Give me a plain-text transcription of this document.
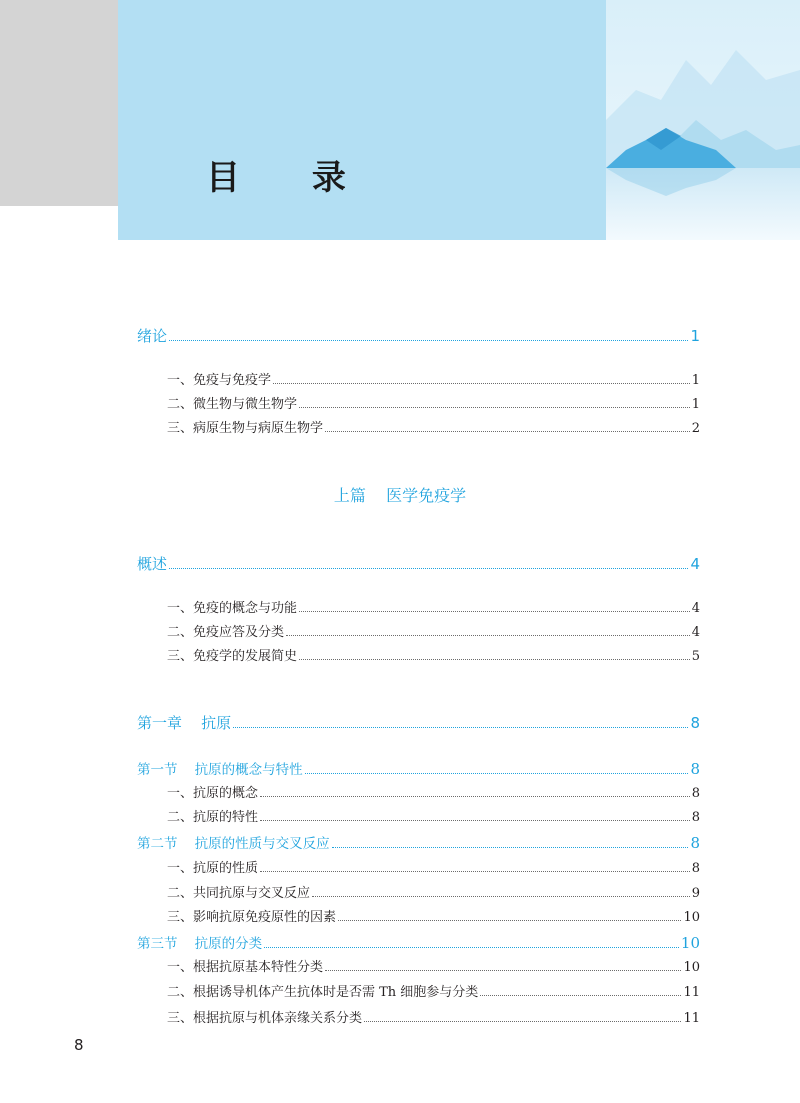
目 录
绪论	1
一、免疫与免疫学	1
二、微生物与微生物学	1
三、病原生物与病原生物学	2
上篇    医学免疫学
概述	4
一、免疫的概念与功能	4
二、免疫应答及分类	4
三、免疫学的发展简史	5
第一章    抗原	8
第一节    抗原的概念与特性	8
一、抗原的概念	8
二、抗原的特性	8
第二节    抗原的性质与交叉反应	8
一、抗原的性质	8
二、共同抗原与交叉反应	9
三、影响抗原免疫原性的因素	10
第三节    抗原的分类	10
一、根据抗原基本特性分类	10
二、根据诱导机体产生抗体时是否需 Th 细胞参与分类	11
三、根据抗原与机体亲缘关系分类	11
8
